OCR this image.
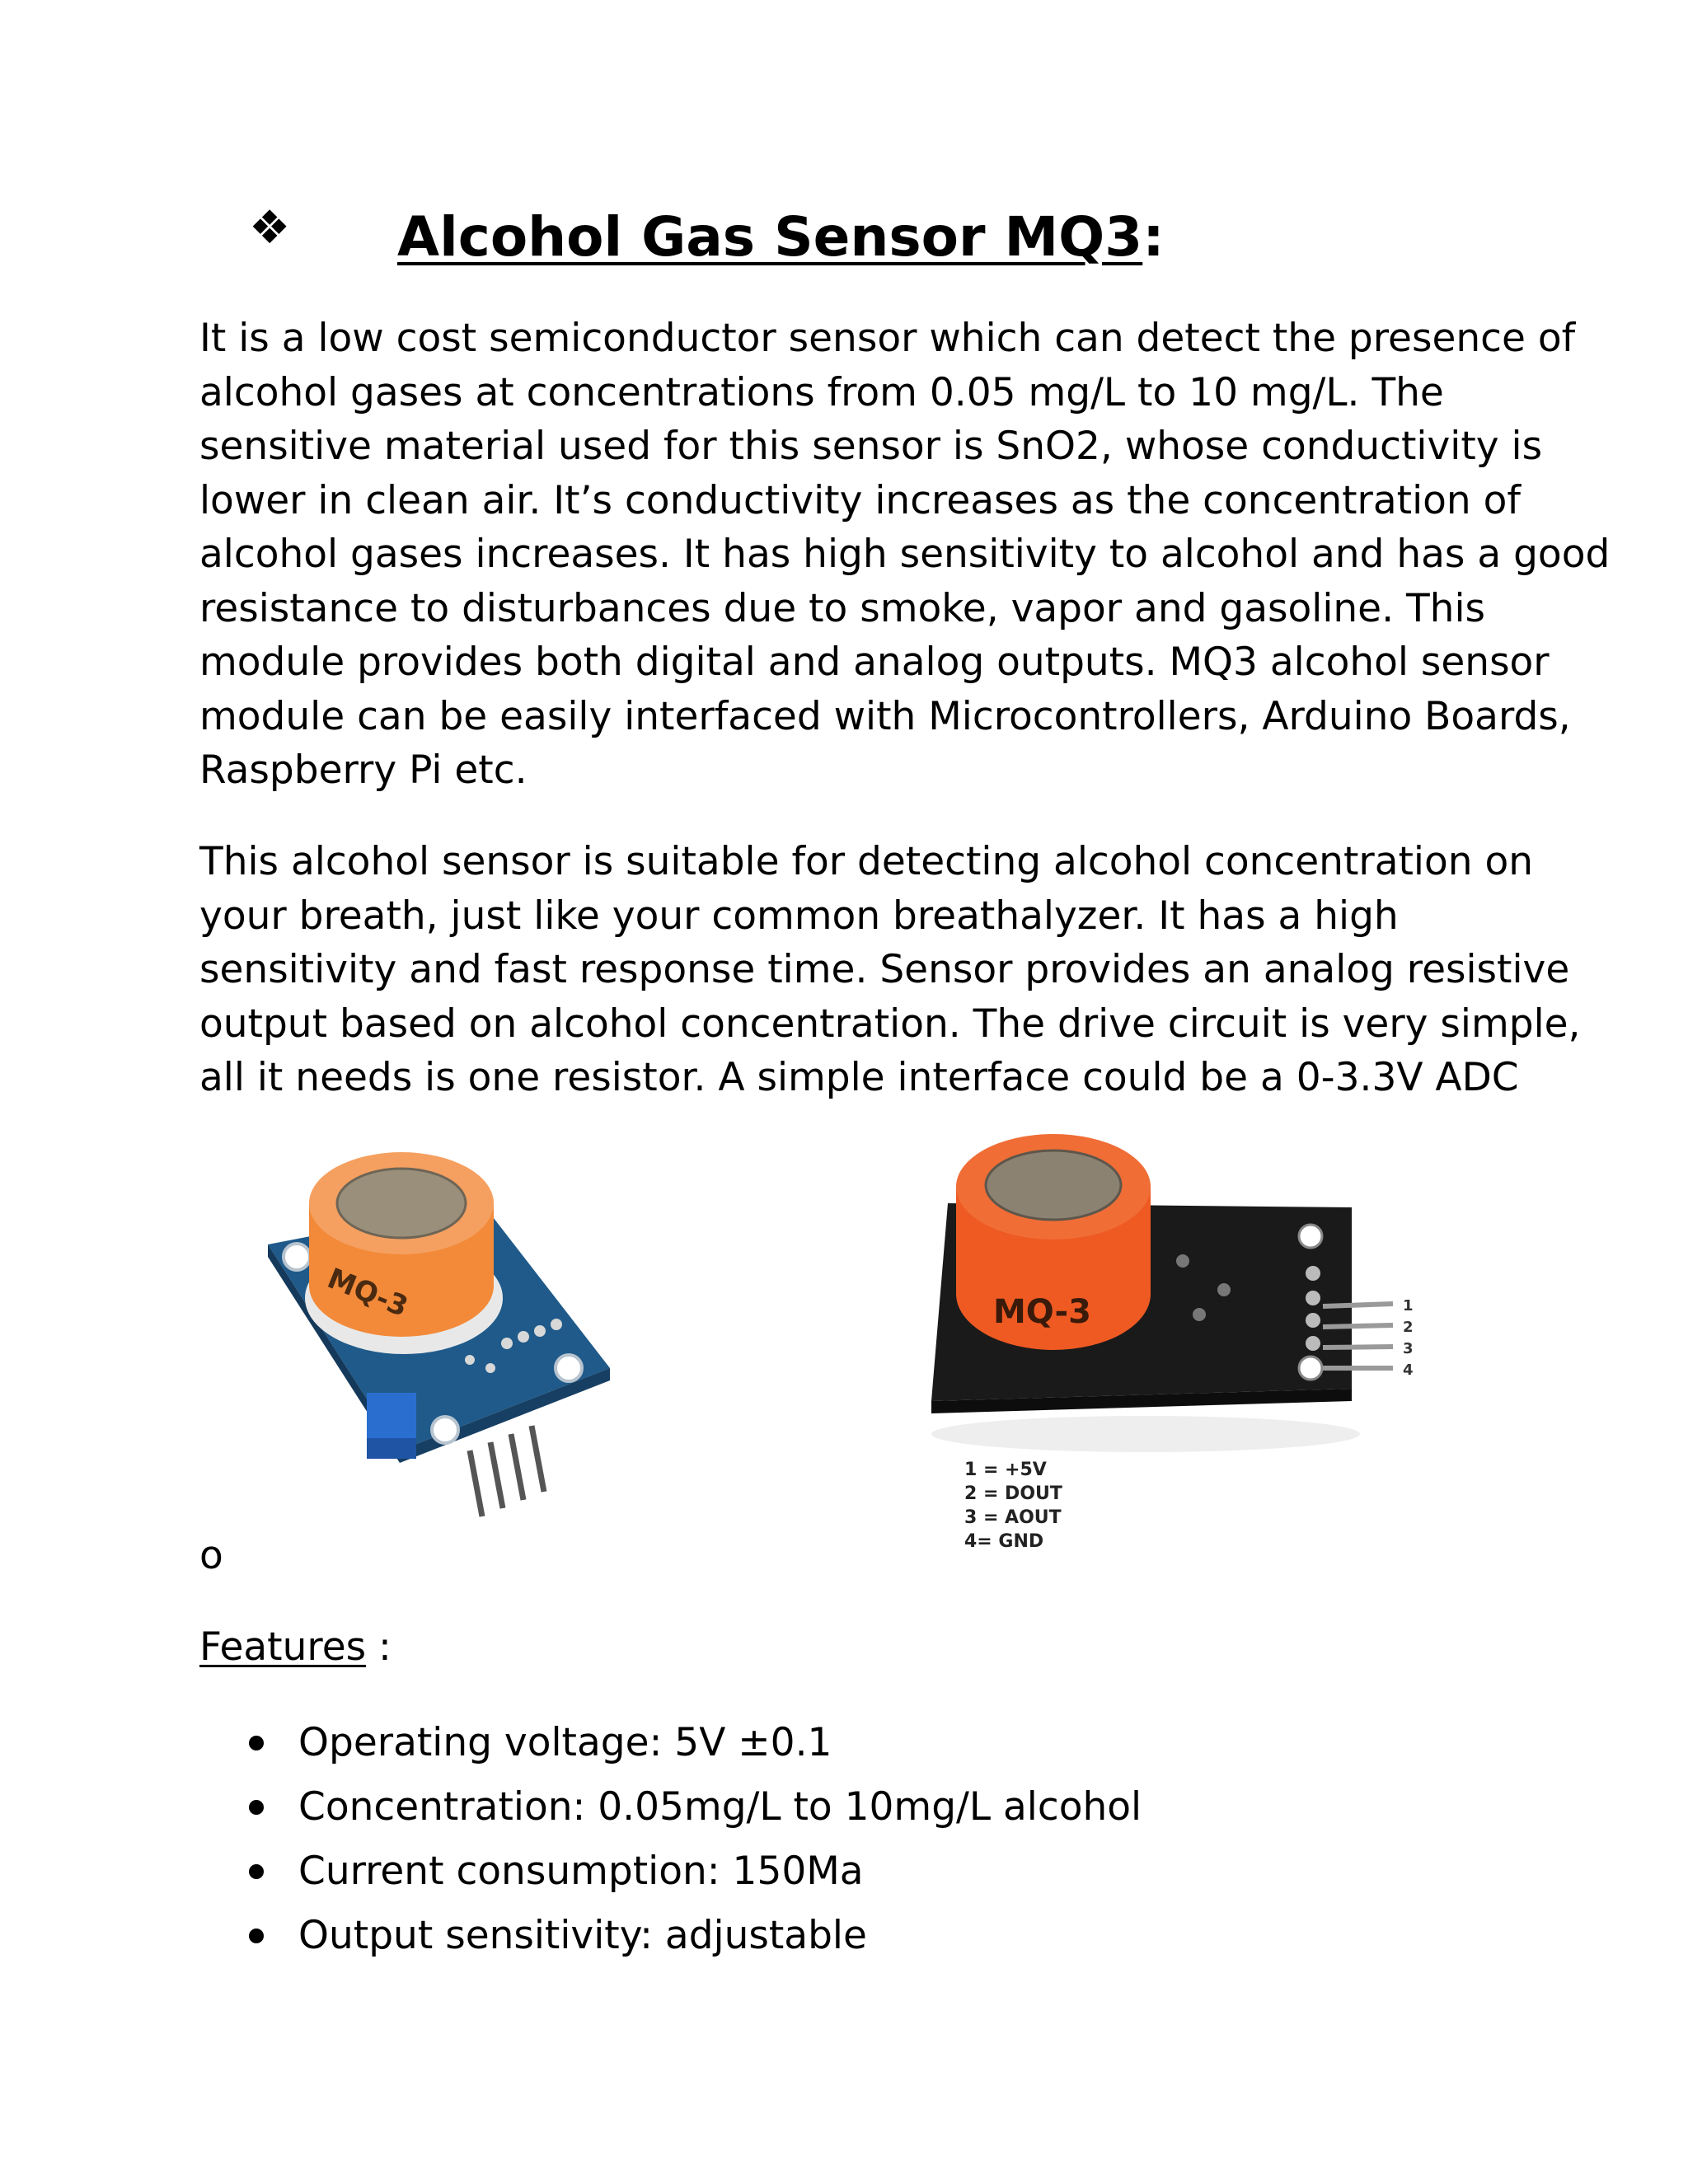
❖ Alcohol Gas Sensor MQ3:

It is a low cost semiconductor sensor which can detect the presence of
alcohol gases at concentrations from 0.05 mg/L to 10 mg/L. The
sensitive material used for this sensor is SnO2, whose conductivity is
lower in clean air. It’s conductivity increases as the concentration of
alcohol gases increases. It has high sensitivity to alcohol and has a good
resistance to disturbances due to smoke, vapor and gasoline. This
module provides both digital and analog outputs. MQ3 alcohol sensor
module can be easily interfaced with Microcontrollers, Arduino Boards,
Raspberry Pi etc.

This alcohol sensor is suitable for detecting alcohol concentration on
your breath, just like your common breathalyzer. It has a high
sensitivity and fast response time. Sensor provides an analog resistive
output based on alcohol concentration. The drive circuit is very simple,
all it needs is one resistor. A simple interface could be a 0-3.3V ADC

MQ-3	1
2
3
4
MQ-3
1 = +5V
2 = DOUT
3 = AOUT
4= GND
o
Features :
Operating voltage: 5V ±0.1
Concentration: 0.05mg/L to 10mg/L alcohol
Current consumption: 150Ma
Output sensitivity: adjustable
